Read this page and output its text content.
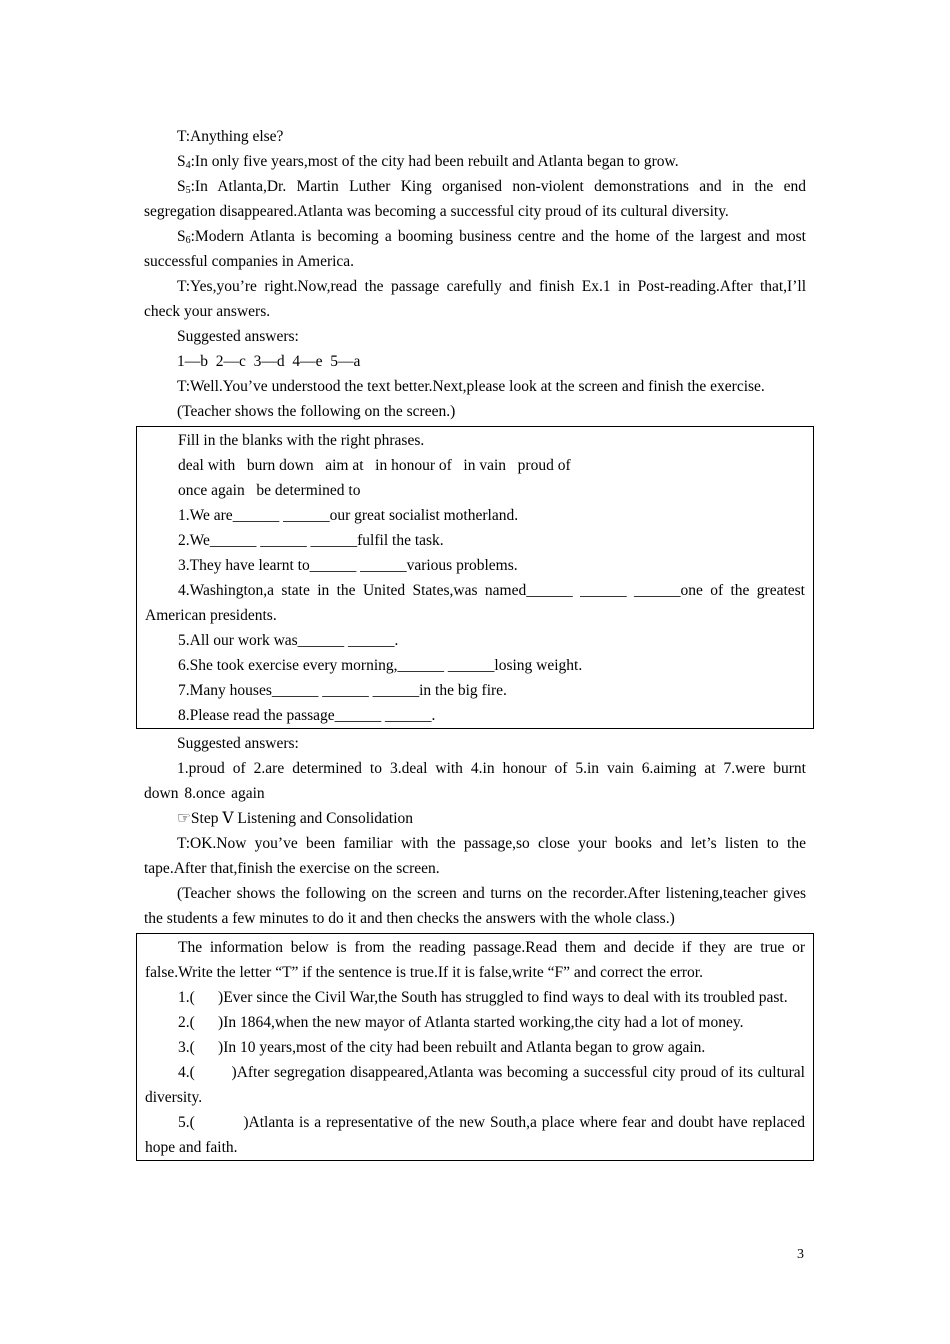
T:Anything else?

$S_4:In$ only five years,most of the city had been rebuilt and Atlanta began to grow.

$S_5:In$ Atlanta,Dr. Martin Luther King organised non-violent demonstrations and in the end segregation disappeared.Atlanta was becoming a successful city proud of its cultural diversity.

$S_6:Modern$ Atlanta is becoming a booming business centre and the home of the largest and most successful companies in America.

T:Yes,you’re right.Now,read the passage carefully and finish Ex.1 in Post-reading.After that,I’ll check your answers.

Suggested answers:

1—b  2—c  3—d  4—e  5—a

T:Well.You’ve understood the text better.Next,please look at the screen and finish the exercise.

(Teacher shows the following on the screen.)

Fill in the blanks with the right phrases.

deal with   burn down   aim at   in honour of   in vain   proud of

once again   be determined to

1.We are______ ______our great socialist motherland.

2.We______ ______ ______fulfil the task.

3.They have learnt to______ ______various problems.

4.Washington,a state in the United States,was named______ ______ ______one of the greatest American presidents.

5.All our work was______ ______.

6.She took exercise every morning,______ ______losing weight.

7.Many houses______ ______ ______in the big fire.

8.Please read the passage______ ______.

Suggested answers:

1.proud of 2.are determined to 3.deal with 4.in honour of 5.in vain 6.aiming at 7.were burnt down 8.once again

☞Step Ⅴ Listening and Consolidation

T:OK.Now you’ve been familiar with the passage,so close your books and let’s listen to the tape.After that,finish the exercise on the screen.

(Teacher shows the following on the screen and turns on the recorder.After listening,teacher gives the students a few minutes to do it and then checks the answers with the whole class.)

The information below is from the reading passage.Read them and decide if they are true or false.Write the letter “T” if the sentence is true.If it is false,write “F” and correct the error.

1.(      )Ever since the Civil War,the South has struggled to find ways to deal with its troubled past.

2.(      )In 1864,when the new mayor of Atlanta started working,the city had a lot of money.

3.(      )In 10 years,most of the city had been rebuilt and Atlanta began to grow again.

4.(        )After segregation disappeared,Atlanta was becoming a successful city proud of its cultural diversity.

5.(          )Atlanta is a representative of the new South,a place where fear and doubt have replaced hope and faith.

3
